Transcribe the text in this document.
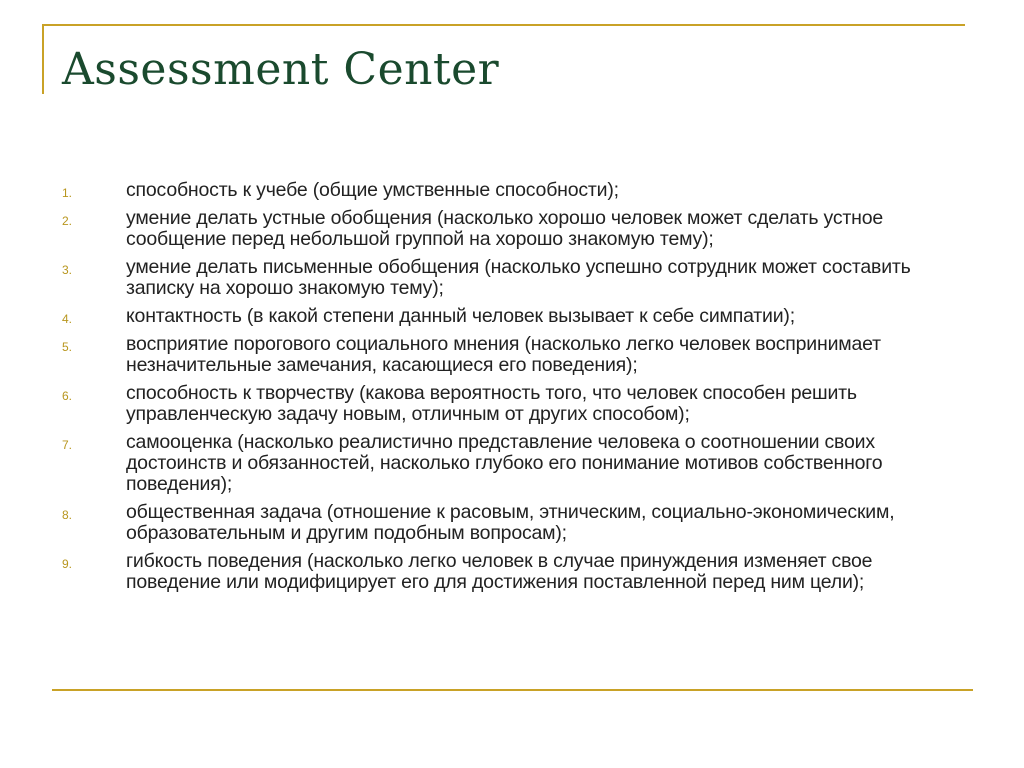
Assessment Center
1.	способность к учебе (общие умственные способности);
2.	умение делать устные обобщения (насколько хорошо человек может сделать устное сообщение перед небольшой группой на хорошо знакомую тему);
3.	умение делать письменные обобщения (насколько успешно сотрудник может составить записку на хорошо знакомую тему);
4.	контактность (в какой степени данный человек вызывает к себе симпатии);
5.	восприятие порогового социального мнения (насколько легко человек воспринимает незначительные замечания, касающиеся его поведения);
6.	способность к творчеству (какова вероятность того, что человек способен решить управленческую задачу новым, отличным от других способом);
7.	самооценка (насколько реалистично представление человека о соотношении своих достоинств и обязанностей, насколько глубоко его понимание мотивов собственного поведения);
8.	общественная задача (отношение к расовым, этническим, социально-экономическим, образовательным и другим подобным вопросам);
9.	гибкость поведения (насколько легко человек в случае принуждения изменяет свое поведение или модифицирует его для достижения поставленной перед ним цели);
